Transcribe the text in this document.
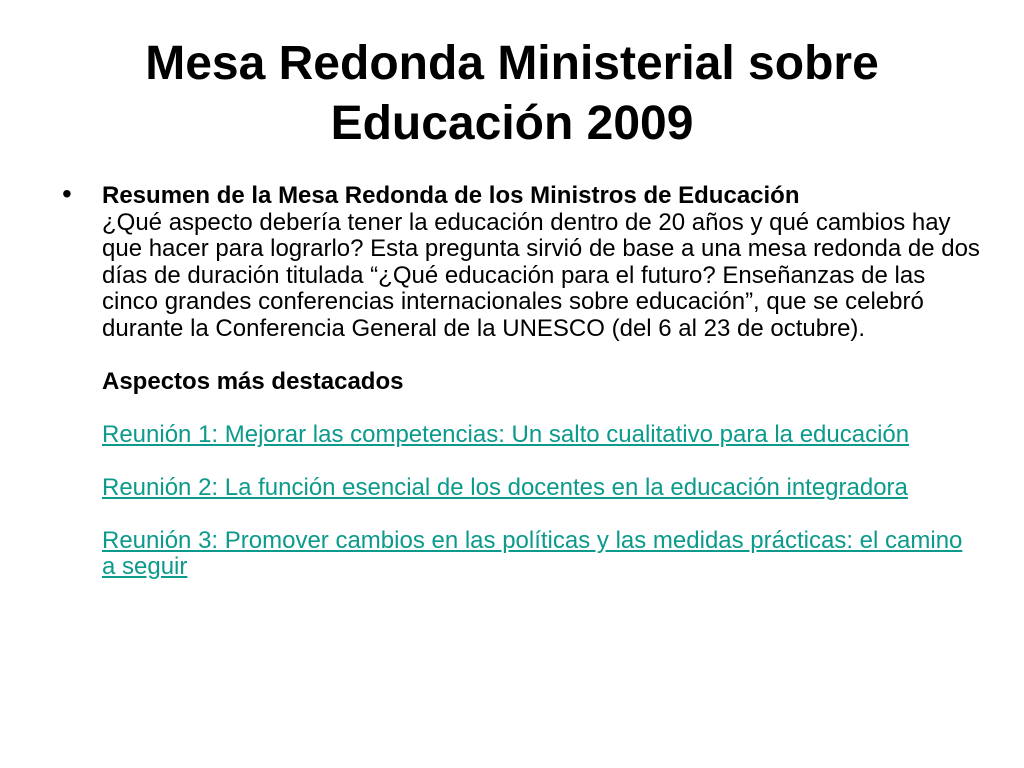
Mesa Redonda Ministerial sobre
Educación 2009
• Resumen de la Mesa Redonda de los Ministros de Educación

¿Qué aspecto debería tener la educación dentro de 20 años y qué cambios hay que hacer para lograrlo? Esta pregunta sirvió de base a una mesa redonda de dos días de duración titulada “¿Qué educación para el futuro? Enseñanzas de las cinco grandes conferencias internacionales sobre educación”, que se celebró durante la Conferencia General de la UNESCO (del 6 al 23 de octubre).

Aspectos más destacados

Reunión 1: Mejorar las competencias: Un salto cualitativo para la educación
Reunión 2: La función esencial de los docentes en la educación integradora
Reunión 3: Promover cambios en las políticas y las medidas prácticas: el camino a seguir
